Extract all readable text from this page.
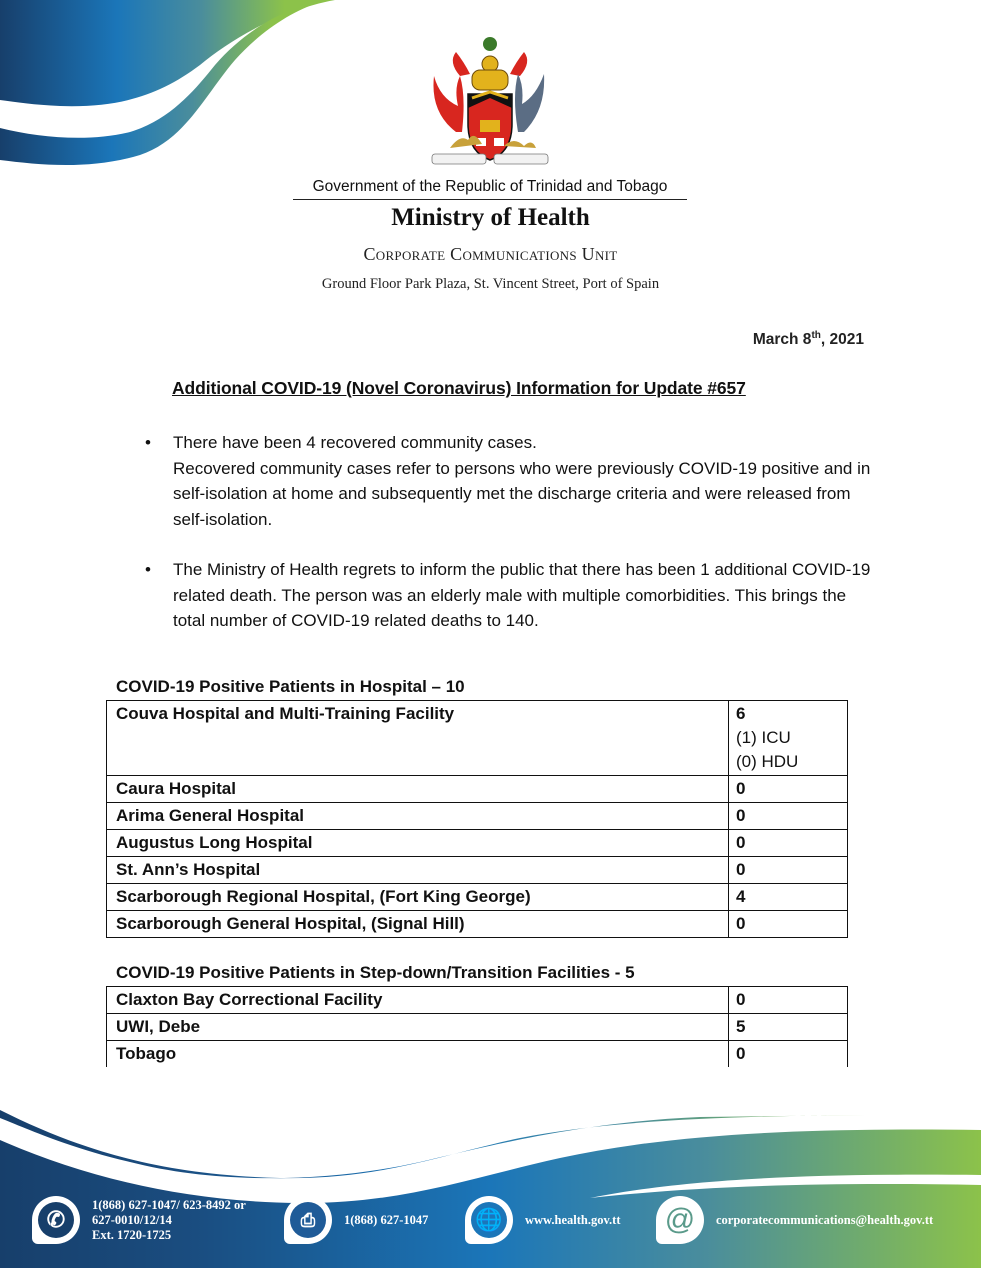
Government of the Republic of Trinidad and Tobago
Ministry of Health
Corporate Communications Unit
Ground Floor Park Plaza, St. Vincent Street, Port of Spain
March 8th, 2021
Additional COVID-19 (Novel Coronavirus) Information for Update #657
• There have been 4 recovered community cases.
Recovered community cases refer to persons who were previously COVID-19 positive and in self-isolation at home and subsequently met the discharge criteria and were released from self-isolation.
• The Ministry of Health regrets to inform the public that there has been 1 additional COVID-19 related death. The person was an elderly male with multiple comorbidities. This brings the total number of COVID-19 related deaths to 140.
COVID-19 Positive Patients in Hospital – 10
Couva Hospital and Multi-Training Facility	6
(1) ICU
(0) HDU

Caura Hospital	0
Arima General Hospital	0
Augustus Long Hospital	0
St. Ann’s Hospital	0
Scarborough Regional Hospital, (Fort King George)	4
Scarborough General Hospital, (Signal Hill)	0
COVID-19 Positive Patients in Step-down/Transition Facilities - 5
Claxton Bay Correctional Facility	0
UWI, Debe	5
Tobago	0
✆
1(868) 627-1047/ 623-8492 or
627-0010/12/14
Ext. 1720-1725
⎙	1(868) 627-1047 🌐	www.health.gov.tt @ corporatecommunications@health.gov.tt
